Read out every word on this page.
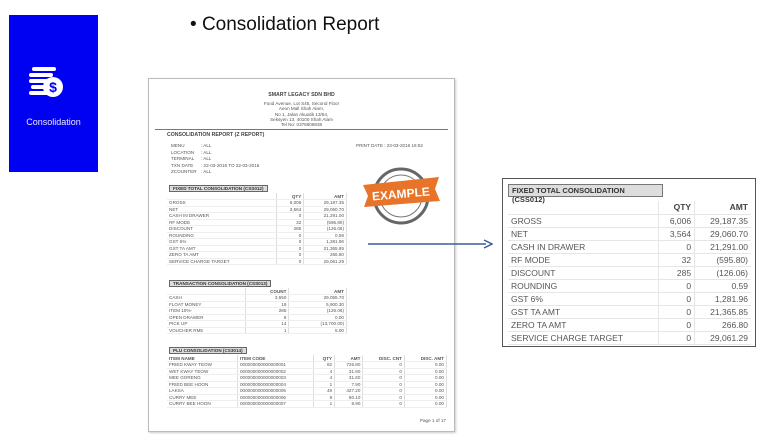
$
Consolidation
• Consolidation Report
SMART LEGACY SDN BHD
Food Avenue, Lot S45, Second Floor
Aeon Mall Shah Alam,
No 1, Jalan Akuatik 13/64,
Seksyen 13, 40100 Shah Alam
Tel No: 0378608838
CONSOLIDATION REPORT (Z REPORT)
MENU	: ALL
LOCATION : ALL
TERMINAL : ALL
TXN DATE : 22-03-2016 TO 22-03-2016
ZCOUNTER : ALL
PRINT DATE : 23-03-2016 16:52
EXAMPLE
FIXED TOTAL CONSOLIDATION (CSS012)		
	QTY	AMT
GROSS	6,006	29,187.35
NET	3,564	29,060.70
CASH IN DRAWER	0	21,291.00
RF MODE	32	(595.80)
DISCOUNT	285	(126.06)
ROUNDING	0	0.59
GST 6%	0	1,281.96
GST TA AMT	0	21,365.85
ZERO TA AMT	0	266.80
SERVICE CHARGE TARGET	0	29,061.29
TRANSACTION CONSOLIDATION (CSS013)		
	COUNT	AMT
CASH	3,550	29,055.70
FLOAT MONEY	19	5,900.30
ITEM 10%-	285	(126.06)
OPEN DRAWER	8	0.00
PICK UP	14	(13,700.00)
VOUCHER RM5	1	5.00
PLU CONSOLIDATION (CS3014)					
ITEM NAME	ITEM CODE	QTY	AMT	DISC. CNT	DISC. AMT
FRIED KWAY TEOW	000000000000000001	82	726.80	0	0.00
WET KWAY TEOW	000000000000000002	4	31.60	0	0.00
MEE GORENG	000000000000000003	4	31.60	0	0.00
FRIED BEE HOON	000000000000000004	1	7.90	0	0.00
LAKSA	000000000000000005	48	427.20	0	0.00
CURRY MEE	000000000000000006	9	80.10	0	0.00
CURRY BEE HOON	000000000000000007	1	8.90	0	0.00
Page 1 of 17
FIXED TOTAL CONSOLIDATION (CSS012)
	QTY	AMT
GROSS	6,006	29,187.35
NET	3,564	29,060.70
CASH IN DRAWER	0	21,291.00
RF MODE	32	(595.80)
DISCOUNT	285	(126.06)
ROUNDING	0	0.59
GST 6%	0	1,281.96
GST TA AMT	0	21,365.85
ZERO TA AMT	0	266.80
SERVICE CHARGE TARGET	0	29,061.29
